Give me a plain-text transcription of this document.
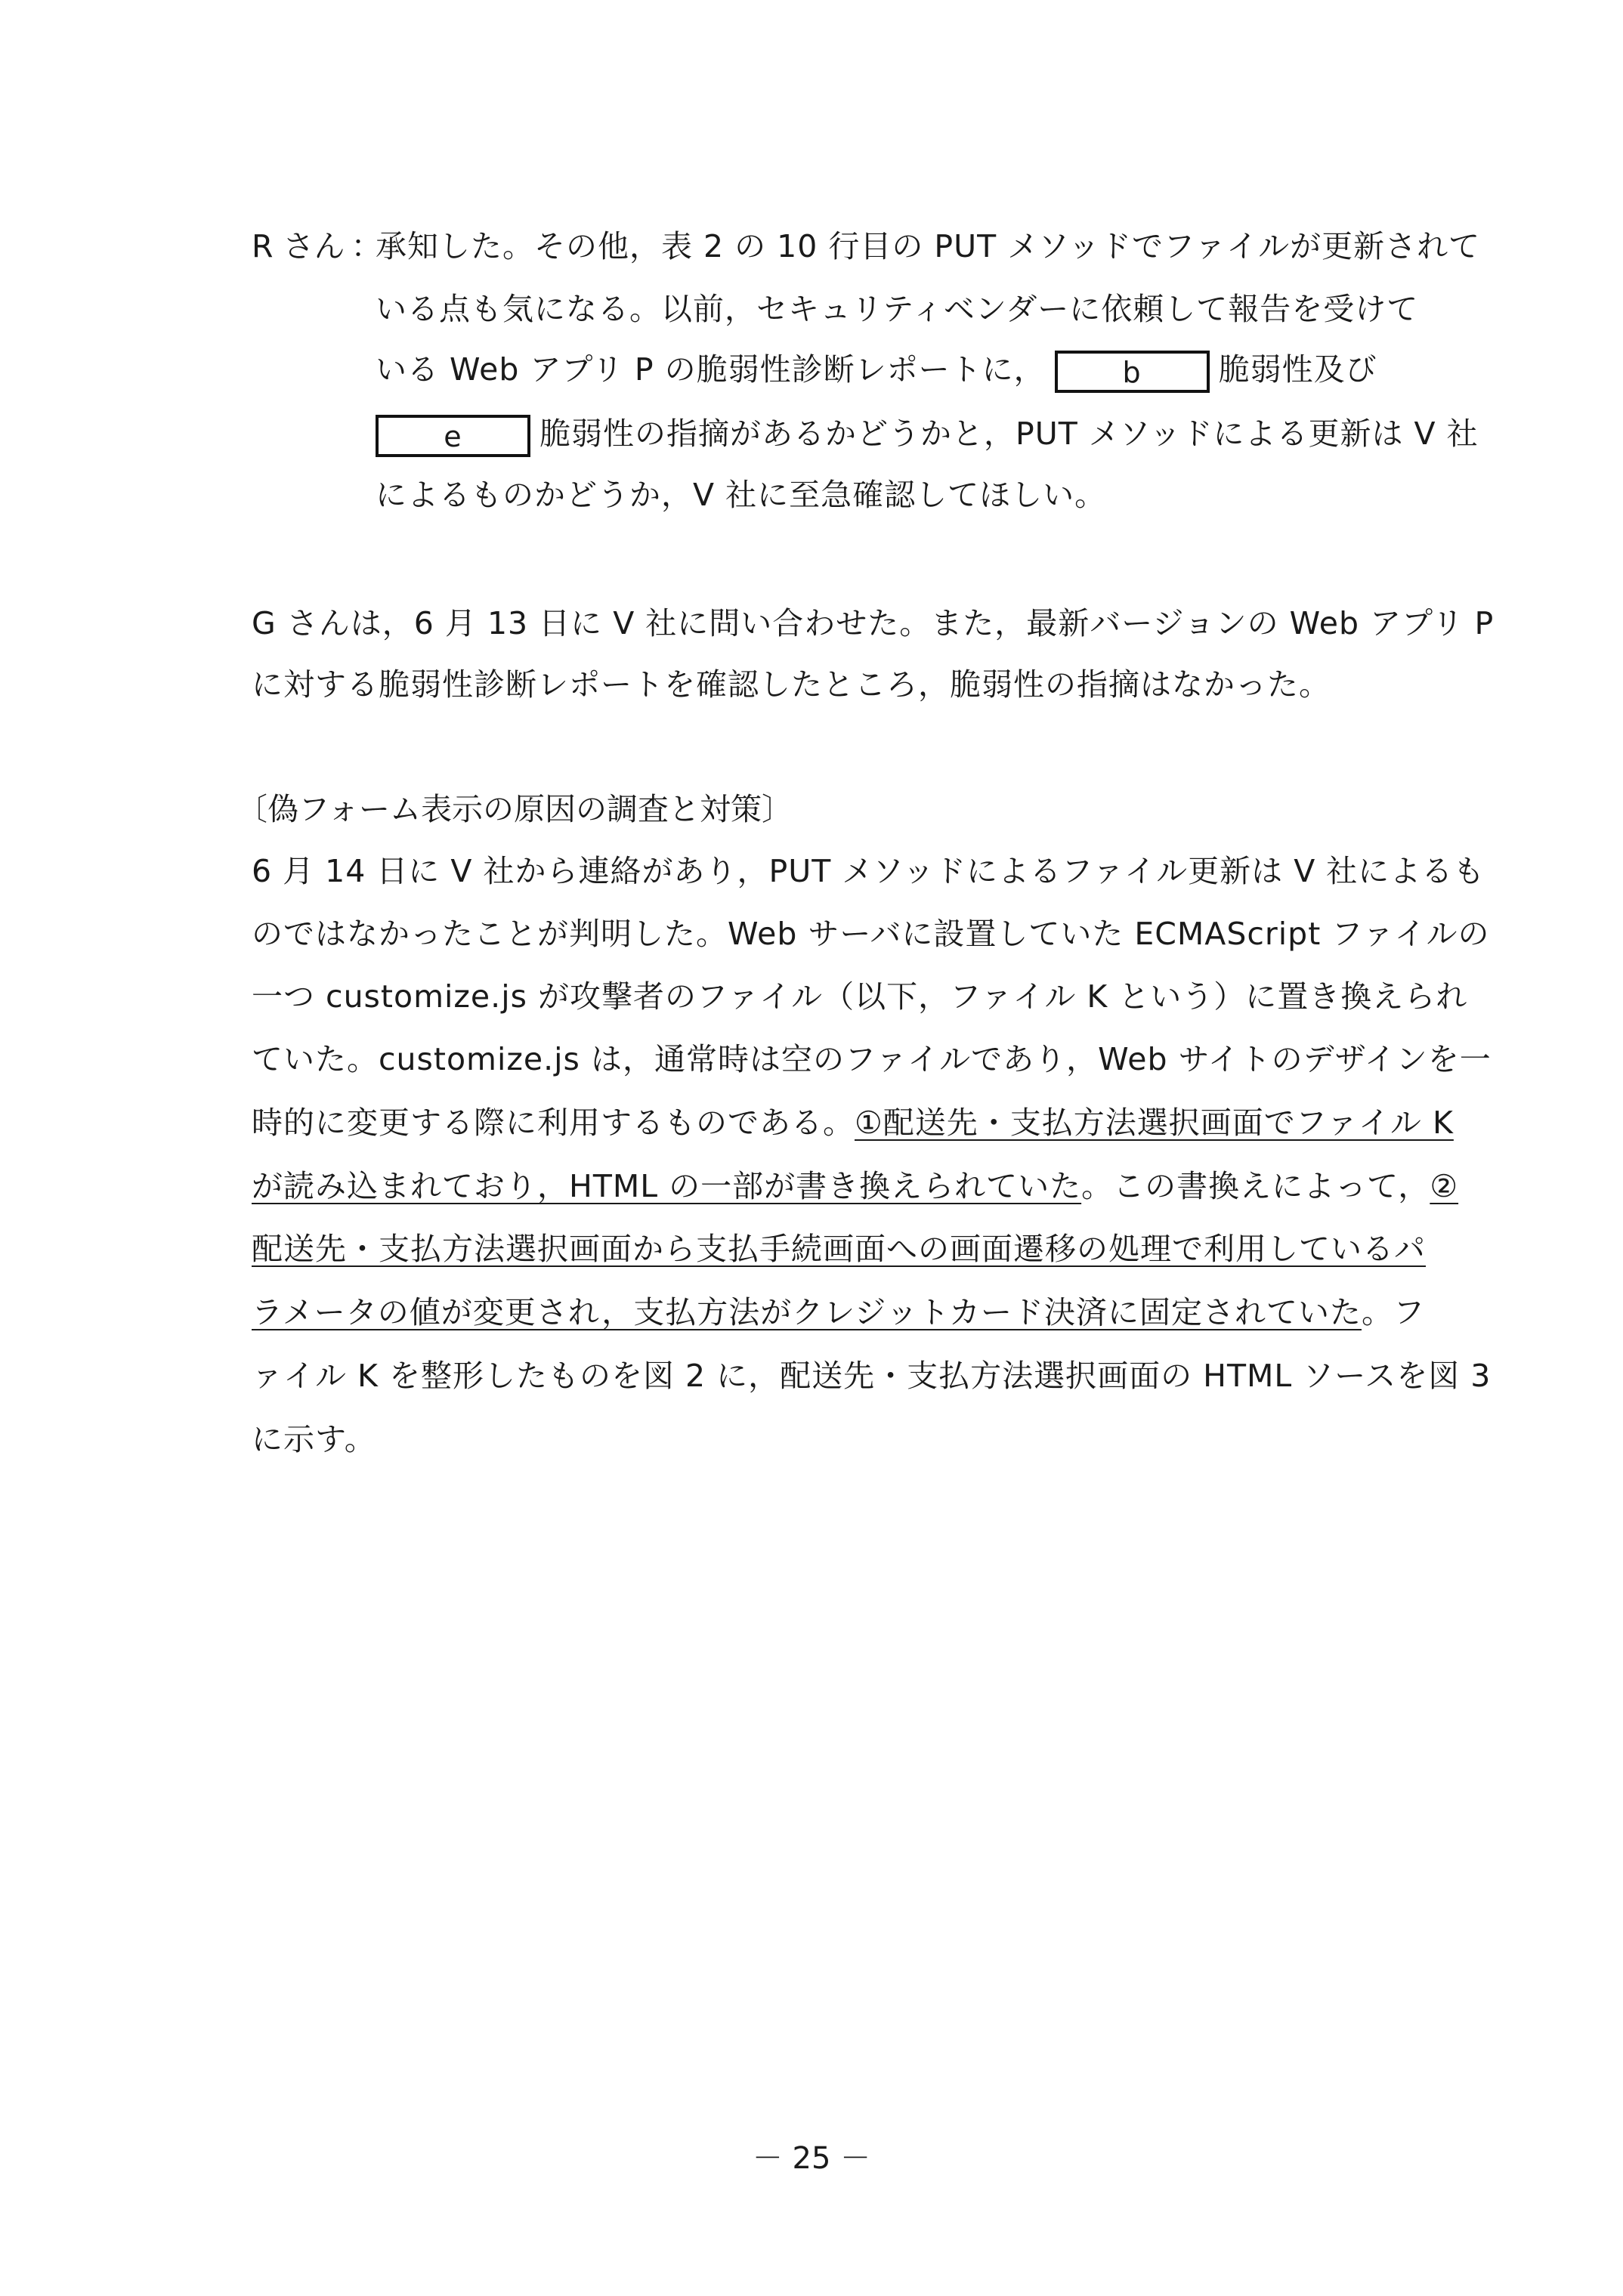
R さん ：
承知した。その他，表 2 の 10 行目の PUT メソッドでファイルが更新されて
いる点も気になる。以前，セキュリティベンダーに依頼して報告を受けて
いる Web アプリ P の脆弱性診断レポートに，	b 脆弱性及び
e 脆弱性の指摘があるかどうかと，PUT メソッドによる更新は V 社
によるものかどうか，V 社に至急確認してほしい。
G さんは，6 月 13 日に V 社に問い合わせた。また，最新バージョンの Web アプリ P
に対する脆弱性診断レポートを確認したところ，脆弱性の指摘はなかった。
〔偽フォーム表示の原因の調査と対策〕
6 月 14 日に V 社から連絡があり，PUT メソッドによるファイル更新は V 社によるも
のではなかったことが判明した。Web サーバに設置していた ECMAScript ファイルの
一つ customize.js が攻撃者のファイル（以下，ファイル K という）に置き換えられ
ていた。customize.js は，通常時は空のファイルであり，Web サイトのデザインを一
時的に変更する際に利用するものである。①配送先・支払方法選択画面でファイル K
が読み込まれており，HTML の一部が書き換えられていた。この書換えによって，②
配送先・支払方法選択画面から支払手続画面への画面遷移の処理で利用しているパ
ラメータの値が変更され，支払方法がクレジットカード決済に固定されていた。フ
ァイル K を整形したものを図 2 に，配送先・支払方法選択画面の HTML ソースを図 3
に示す。
－ 25 －
